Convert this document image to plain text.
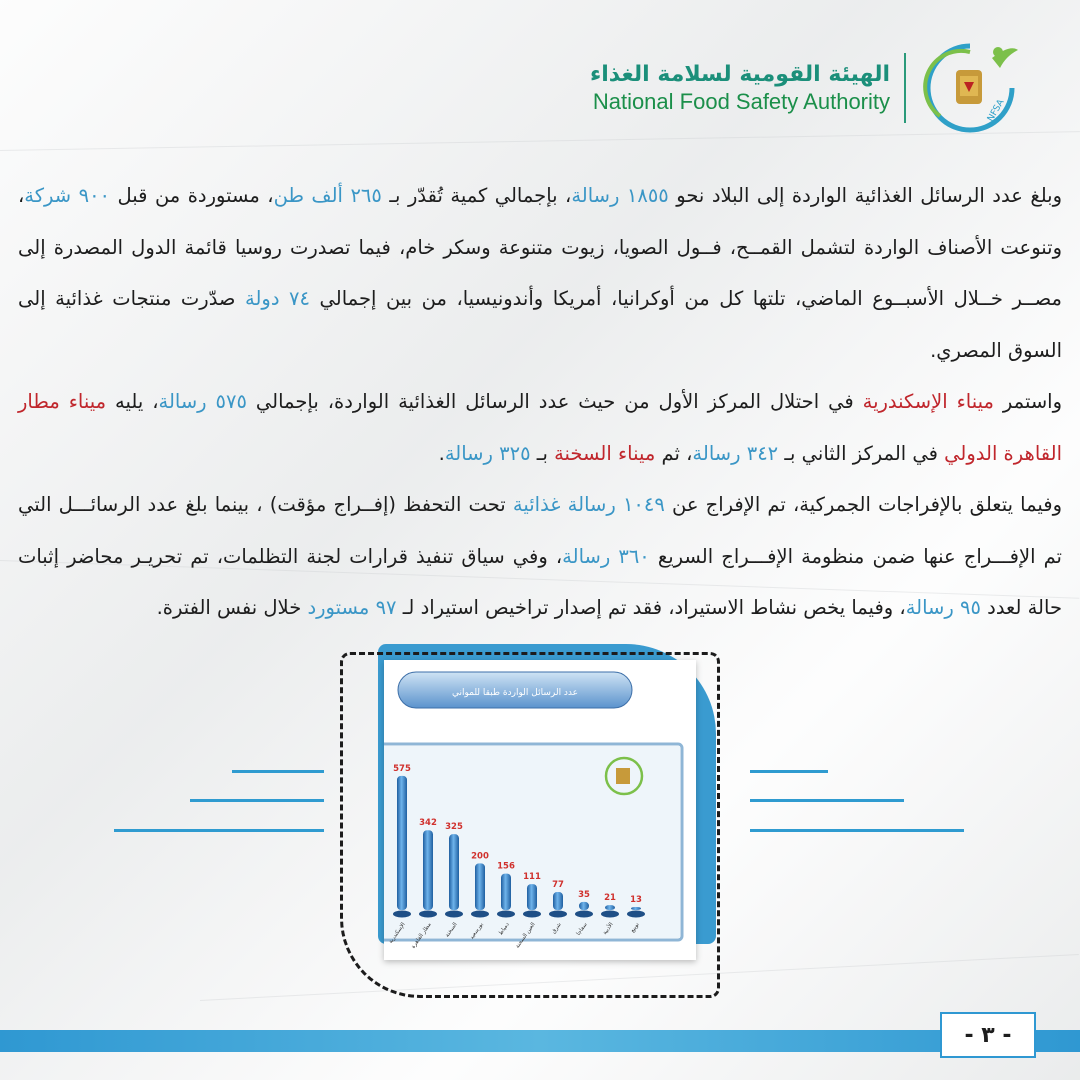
الهيئة القومية لسلامة الغذاء
National Food Safety Authority	NFSA

وبلغ عدد الرسائل الغذائية الواردة إلى البلاد نحو ١٨٥٥ رسالة، بإجمالي كمية تُقدّر بـ ٢٦٥ ألف طن، مستوردة من قبل ٩٠٠ شركة، وتنوعت الأصناف الواردة لتشمل القمــح، فــول الصويا، زيوت متنوعة وسكر خام، فيما تصدرت روسيا قائمة الدول المصدرة إلى مصــر خــلال الأسبــوع الماضي، تلتها كل من أوكرانيا، أمريكا وأندونيسيا، من بين إجمالي ٧٤ دولة صدّرت منتجات غذائية إلى السوق المصري.

واستمر ميناء الإسكندرية في احتلال المركز الأول من حيث عدد الرسائل الغذائية الواردة، بإجمالي ٥٧٥ رسالة، يليه ميناء مطار القاهرة الدولي في المركز الثاني بـ ٣٤٢ رسالة، ثم ميناء السخنة بـ ٣٢٥ رسالة.

وفيما يتعلق بالإفراجات الجمركية، تم الإفراج عن ١٠٤٩ رسالة غذائية تحت التحفظ (إفــراج مؤقت) ، بينما بلغ عدد الرسائـــل التي تم الإفـــراج عنها ضمن منظومة الإفـــراج السريع ٣٦٠ رسالة، وفي سياق تنفيذ قرارات لجنة التظلمات، تم تحريـر محاضر إثبات حالة لعدد ٩٥ رسالة، وفيما يخص نشاط الاستيراد، فقد تم إصدار تراخيص استيراد لـ ٩٧ مستورد خلال نفس الفترة.

عدد الرسائل الواردة طبقا للمواني
575
الإسكندرية
342
مطار القاهرة
325
السخنة
200
بورسعيد
156
دمياط
111
العين السخنة
77
شرق
35
سفاجا
21
الأدبية
13
نويبع
- ٣ -
